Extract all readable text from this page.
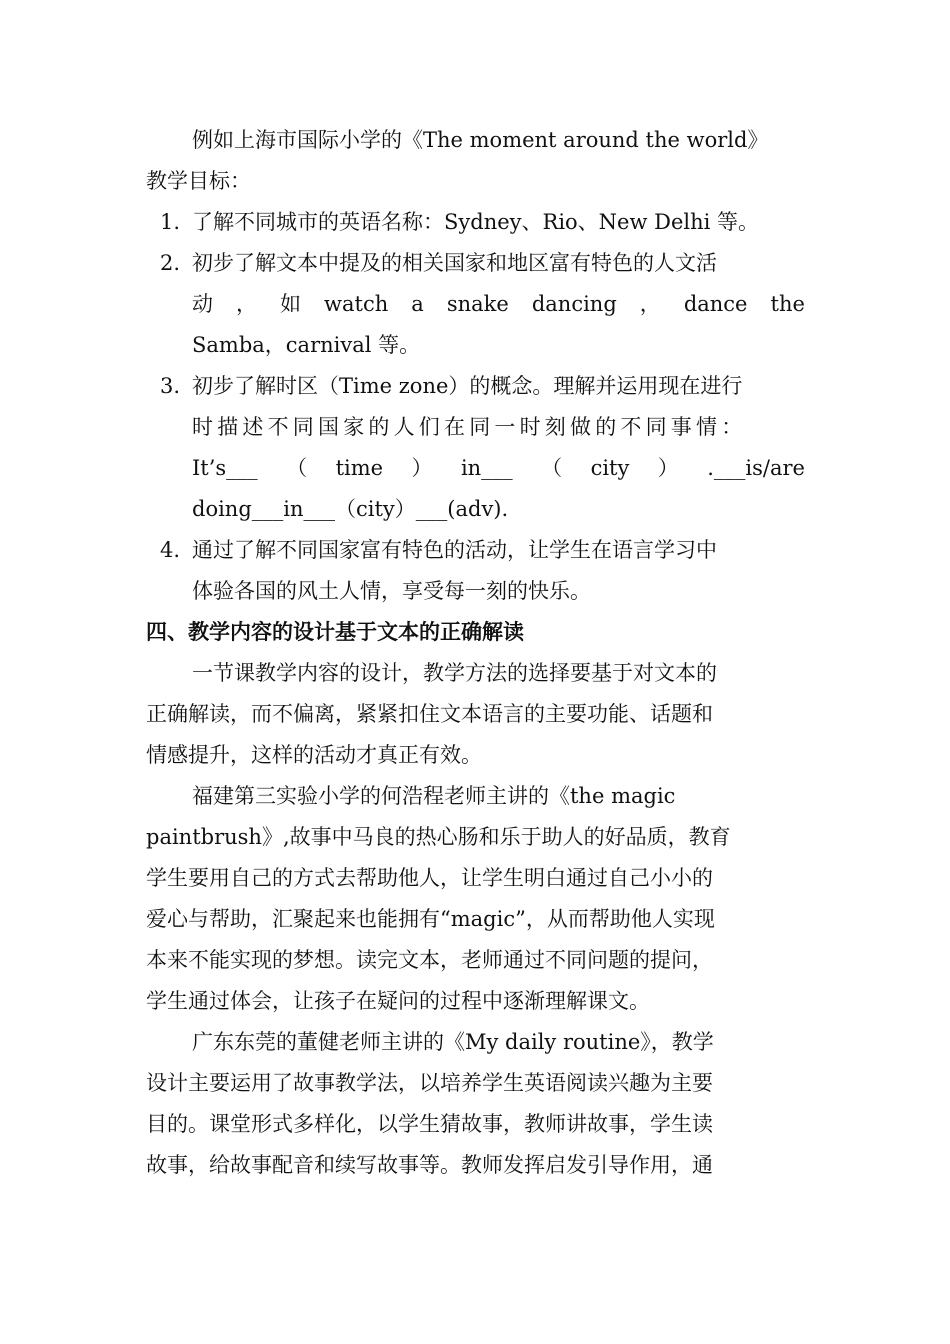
例如上海市国际小学的《The moment around the world》
教学目标：
1. 了解不同城市的英语名称：Sydney、Rio、New Delhi 等。
2. 初步了解文本中提及的相关国家和地区富有特色的人文活
动 ， 如 watch a snake dancing ， dance the
Samba，carnival 等。
3. 初步了解时区（Time zone）的概念。理解并运用现在进行
时描述不同国家的人们在同一时刻做的不同事情：
It’s___ （ time ） in___ （ city ） .___is/are
doing___in___（city）___(adv).
4. 通过了解不同国家富有特色的活动，让学生在语言学习中
体验各国的风土人情，享受每一刻的快乐。
四、教学内容的设计基于文本的正确解读
一节课教学内容的设计，教学方法的选择要基于对文本的
正确解读，而不偏离，紧紧扣住文本语言的主要功能、话题和
情感提升，这样的活动才真正有效。
福建第三实验小学的何浩程老师主讲的《the magic
paintbrush》,故事中马良的热心肠和乐于助人的好品质，教育
学生要用自己的方式去帮助他人，让学生明白通过自己小小的
爱心与帮助，汇聚起来也能拥有“magic”，从而帮助他人实现
本来不能实现的梦想。读完文本，老师通过不同问题的提问，
学生通过体会，让孩子在疑问的过程中逐渐理解课文。
广东东莞的董健老师主讲的《My daily routine》，教学
设计主要运用了故事教学法，以培养学生英语阅读兴趣为主要
目的。课堂形式多样化，以学生猜故事，教师讲故事，学生读
故事，给故事配音和续写故事等。教师发挥启发引导作用，通
